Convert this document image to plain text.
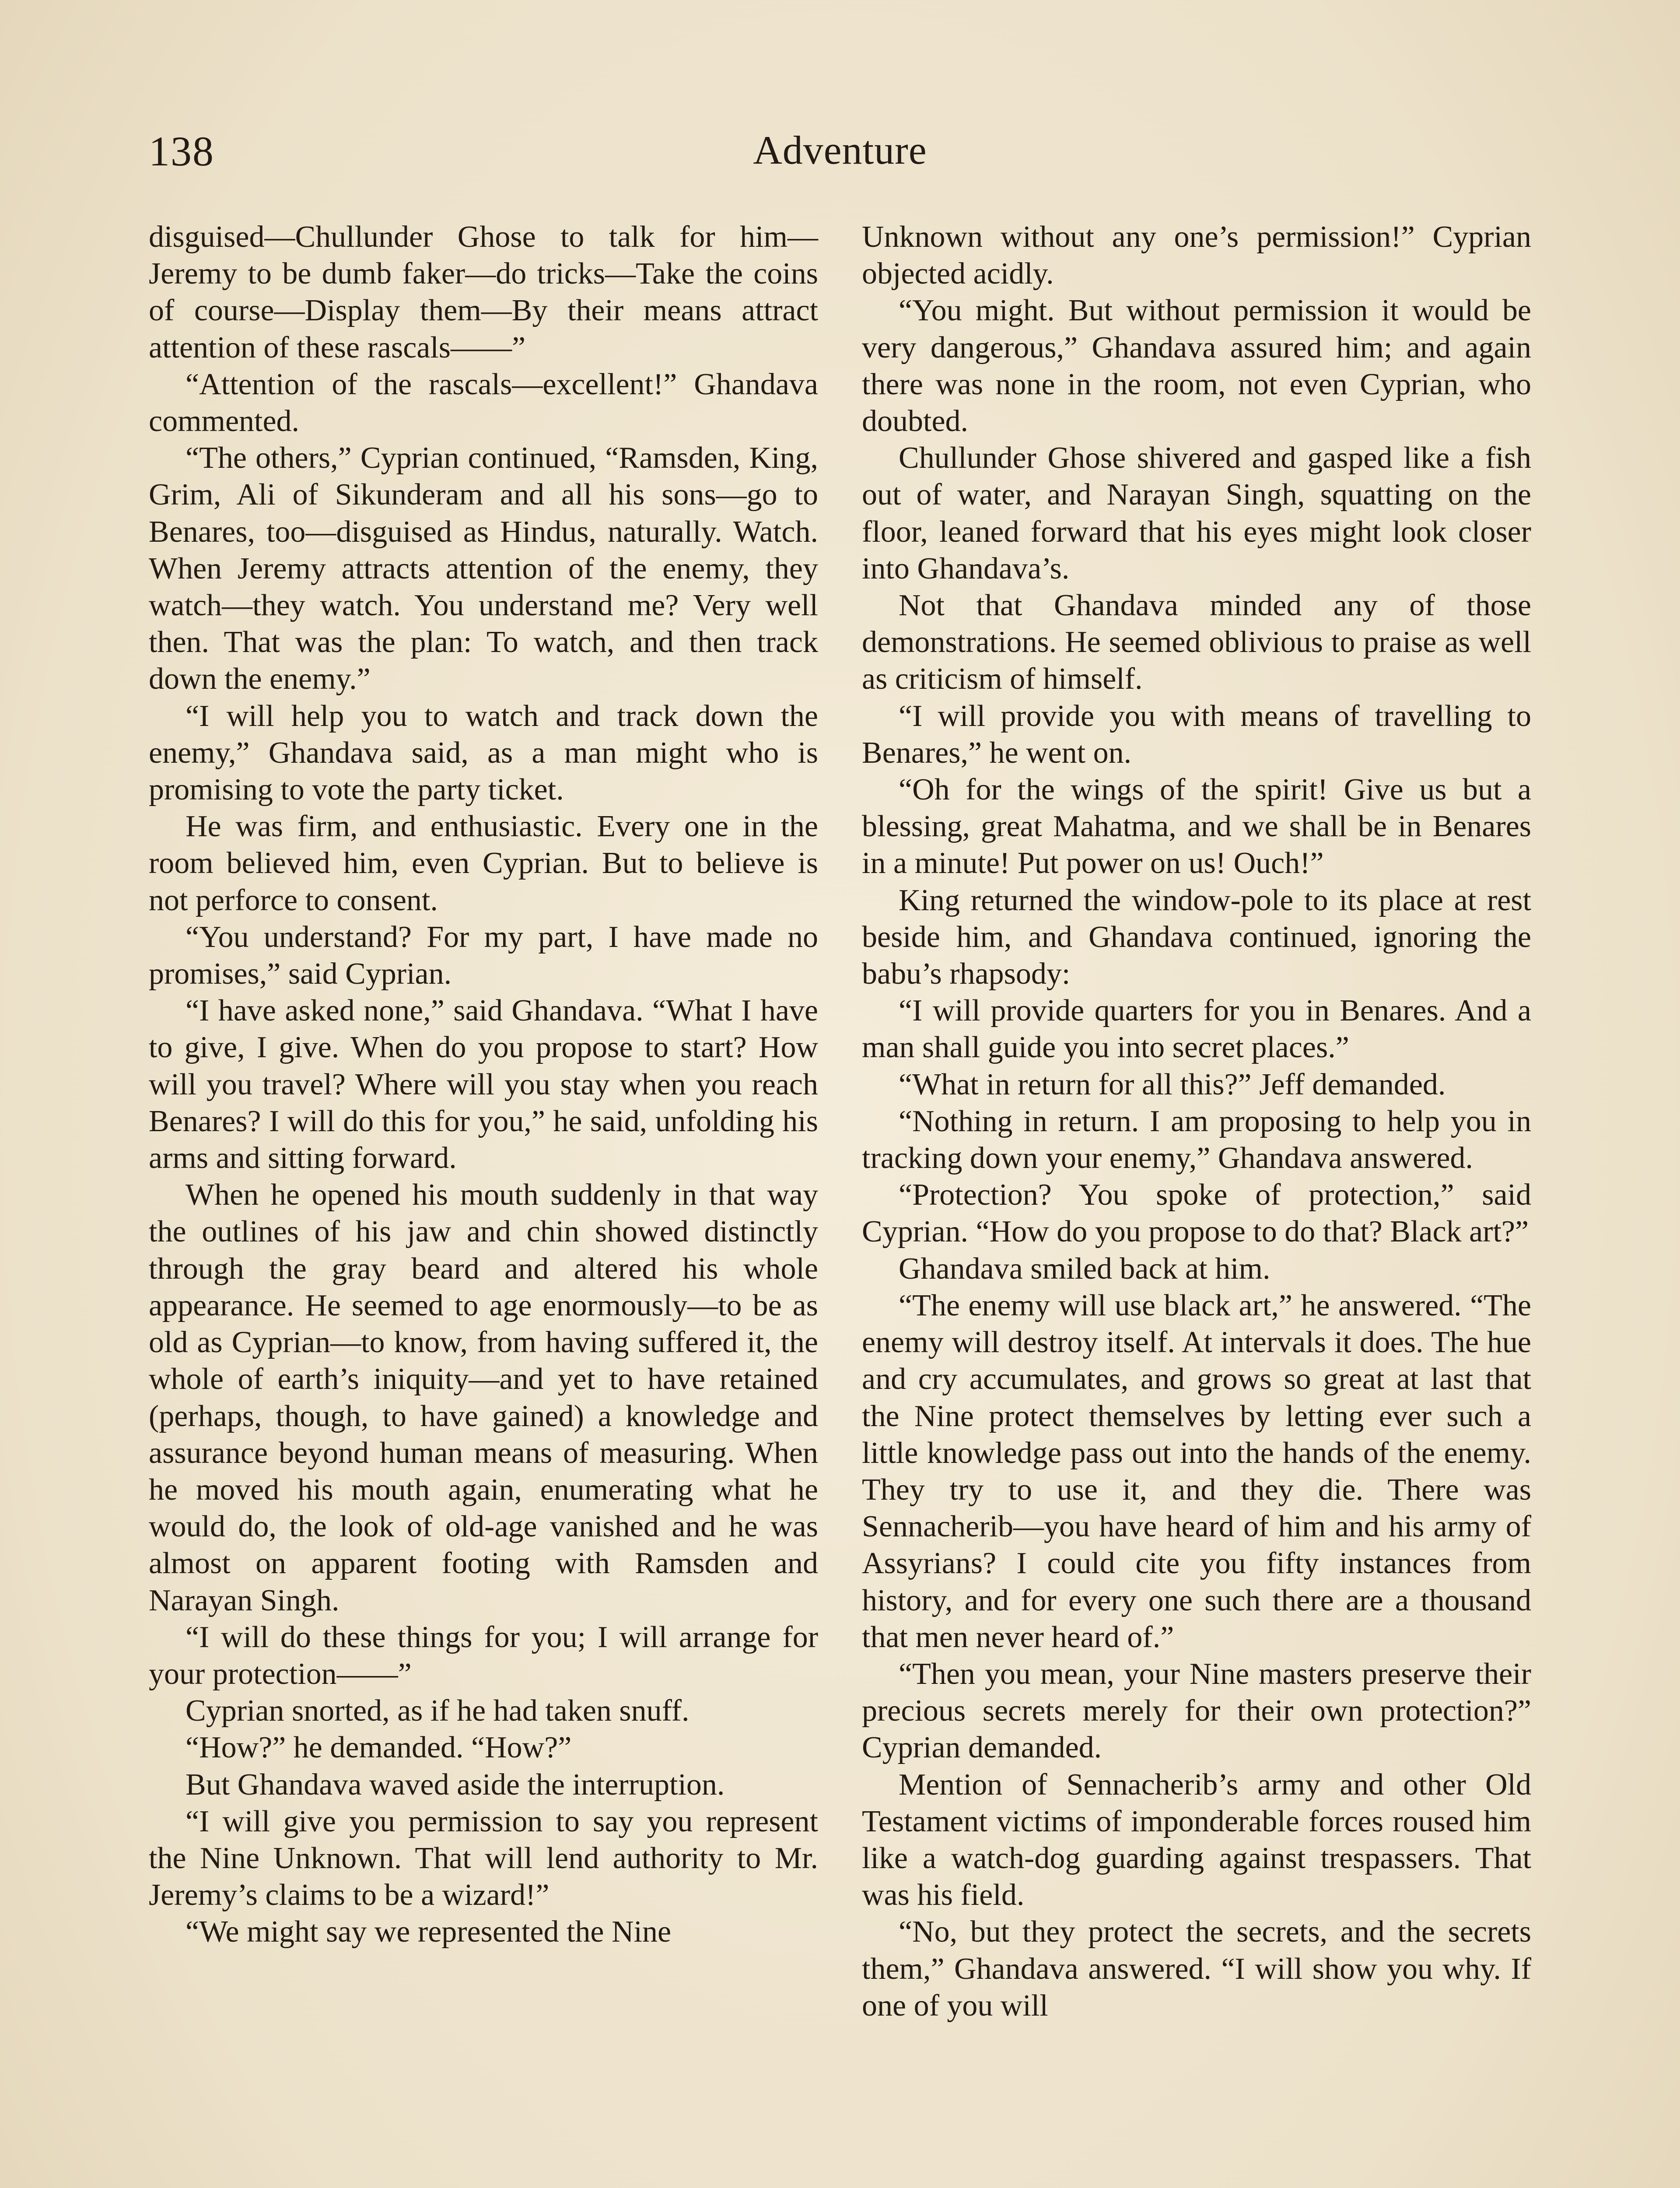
138	Adventure

disguised—Chullunder Ghose to talk for him—Jeremy to be dumb faker—do tricks—Take the coins of course—Display them—By their means attract attention of these rascals——”

“Attention of the rascals—excellent!” Ghandava commented.

“The others,” Cyprian continued, “Ramsden, King, Grim, Ali of Sikunderam and all his sons—go to Benares, too—disguised as Hindus, naturally. Watch. When Jeremy attracts attention of the enemy, they watch—they watch. You understand me? Very well then. That was the plan: To watch, and then track down the enemy.”

“I will help you to watch and track down the enemy,” Ghandava said, as a man might who is promising to vote the party ticket.

He was firm, and enthusiastic. Every one in the room believed him, even Cyprian. But to believe is not perforce to consent.

“You understand? For my part, I have made no promises,” said Cyprian.

“I have asked none,” said Ghandava. “What I have to give, I give. When do you propose to start? How will you travel? Where will you stay when you reach Benares? I will do this for you,” he said, unfolding his arms and sitting forward.

When he opened his mouth suddenly in that way the outlines of his jaw and chin showed distinctly through the gray beard and altered his whole appearance. He seemed to age enormously—to be as old as Cyprian—to know, from having suffered it, the whole of earth’s iniquity—and yet to have retained (perhaps, though, to have gained) a knowledge and assurance beyond human means of measuring. When he moved his mouth again, enumerating what he would do, the look of old-age vanished and he was almost on apparent footing with Ramsden and Narayan Singh.

“I will do these things for you; I will arrange for your protection——”

Cyprian snorted, as if he had taken snuff.

“How?” he demanded. “How?”

But Ghandava waved aside the interruption.

“I will give you permission to say you represent the Nine Unknown. That will lend authority to Mr. Jeremy’s claims to be a wizard!”

“We might say we represented the Nine

Unknown without any one’s permission!” Cyprian objected acidly.

“You might. But without permission it would be very dangerous,” Ghandava assured him; and again there was none in the room, not even Cyprian, who doubted.

Chullunder Ghose shivered and gasped like a fish out of water, and Narayan Singh, squatting on the floor, leaned forward that his eyes might look closer into Ghandava’s.

Not that Ghandava minded any of those demonstrations. He seemed oblivious to praise as well as criticism of himself.

“I will provide you with means of travelling to Benares,” he went on.

“Oh for the wings of the spirit! Give us but a blessing, great Mahatma, and we shall be in Benares in a minute! Put power on us! Ouch!”

King returned the window-pole to its place at rest beside him, and Ghandava continued, ignoring the babu’s rhapsody:

“I will provide quarters for you in Benares. And a man shall guide you into secret places.”

“What in return for all this?” Jeff demanded.

“Nothing in return. I am proposing to help you in tracking down your enemy,” Ghandava answered.

“Protection? You spoke of protection,” said Cyprian. “How do you propose to do that? Black art?”

Ghandava smiled back at him.

“The enemy will use black art,” he answered. “The enemy will destroy itself. At intervals it does. The hue and cry accumulates, and grows so great at last that the Nine protect themselves by letting ever such a little knowledge pass out into the hands of the enemy. They try to use it, and they die. There was Sennacherib—you have heard of him and his army of Assyrians? I could cite you fifty instances from history, and for every one such there are a thousand that men never heard of.”

“Then you mean, your Nine masters preserve their precious secrets merely for their own protection?” Cyprian demanded.

Mention of Sennacherib’s army and other Old Testament victims of imponderable forces roused him like a watch-dog guarding against trespassers. That was his field.

“No, but they protect the secrets, and the secrets them,” Ghandava answered. “I will show you why. If one of you will
